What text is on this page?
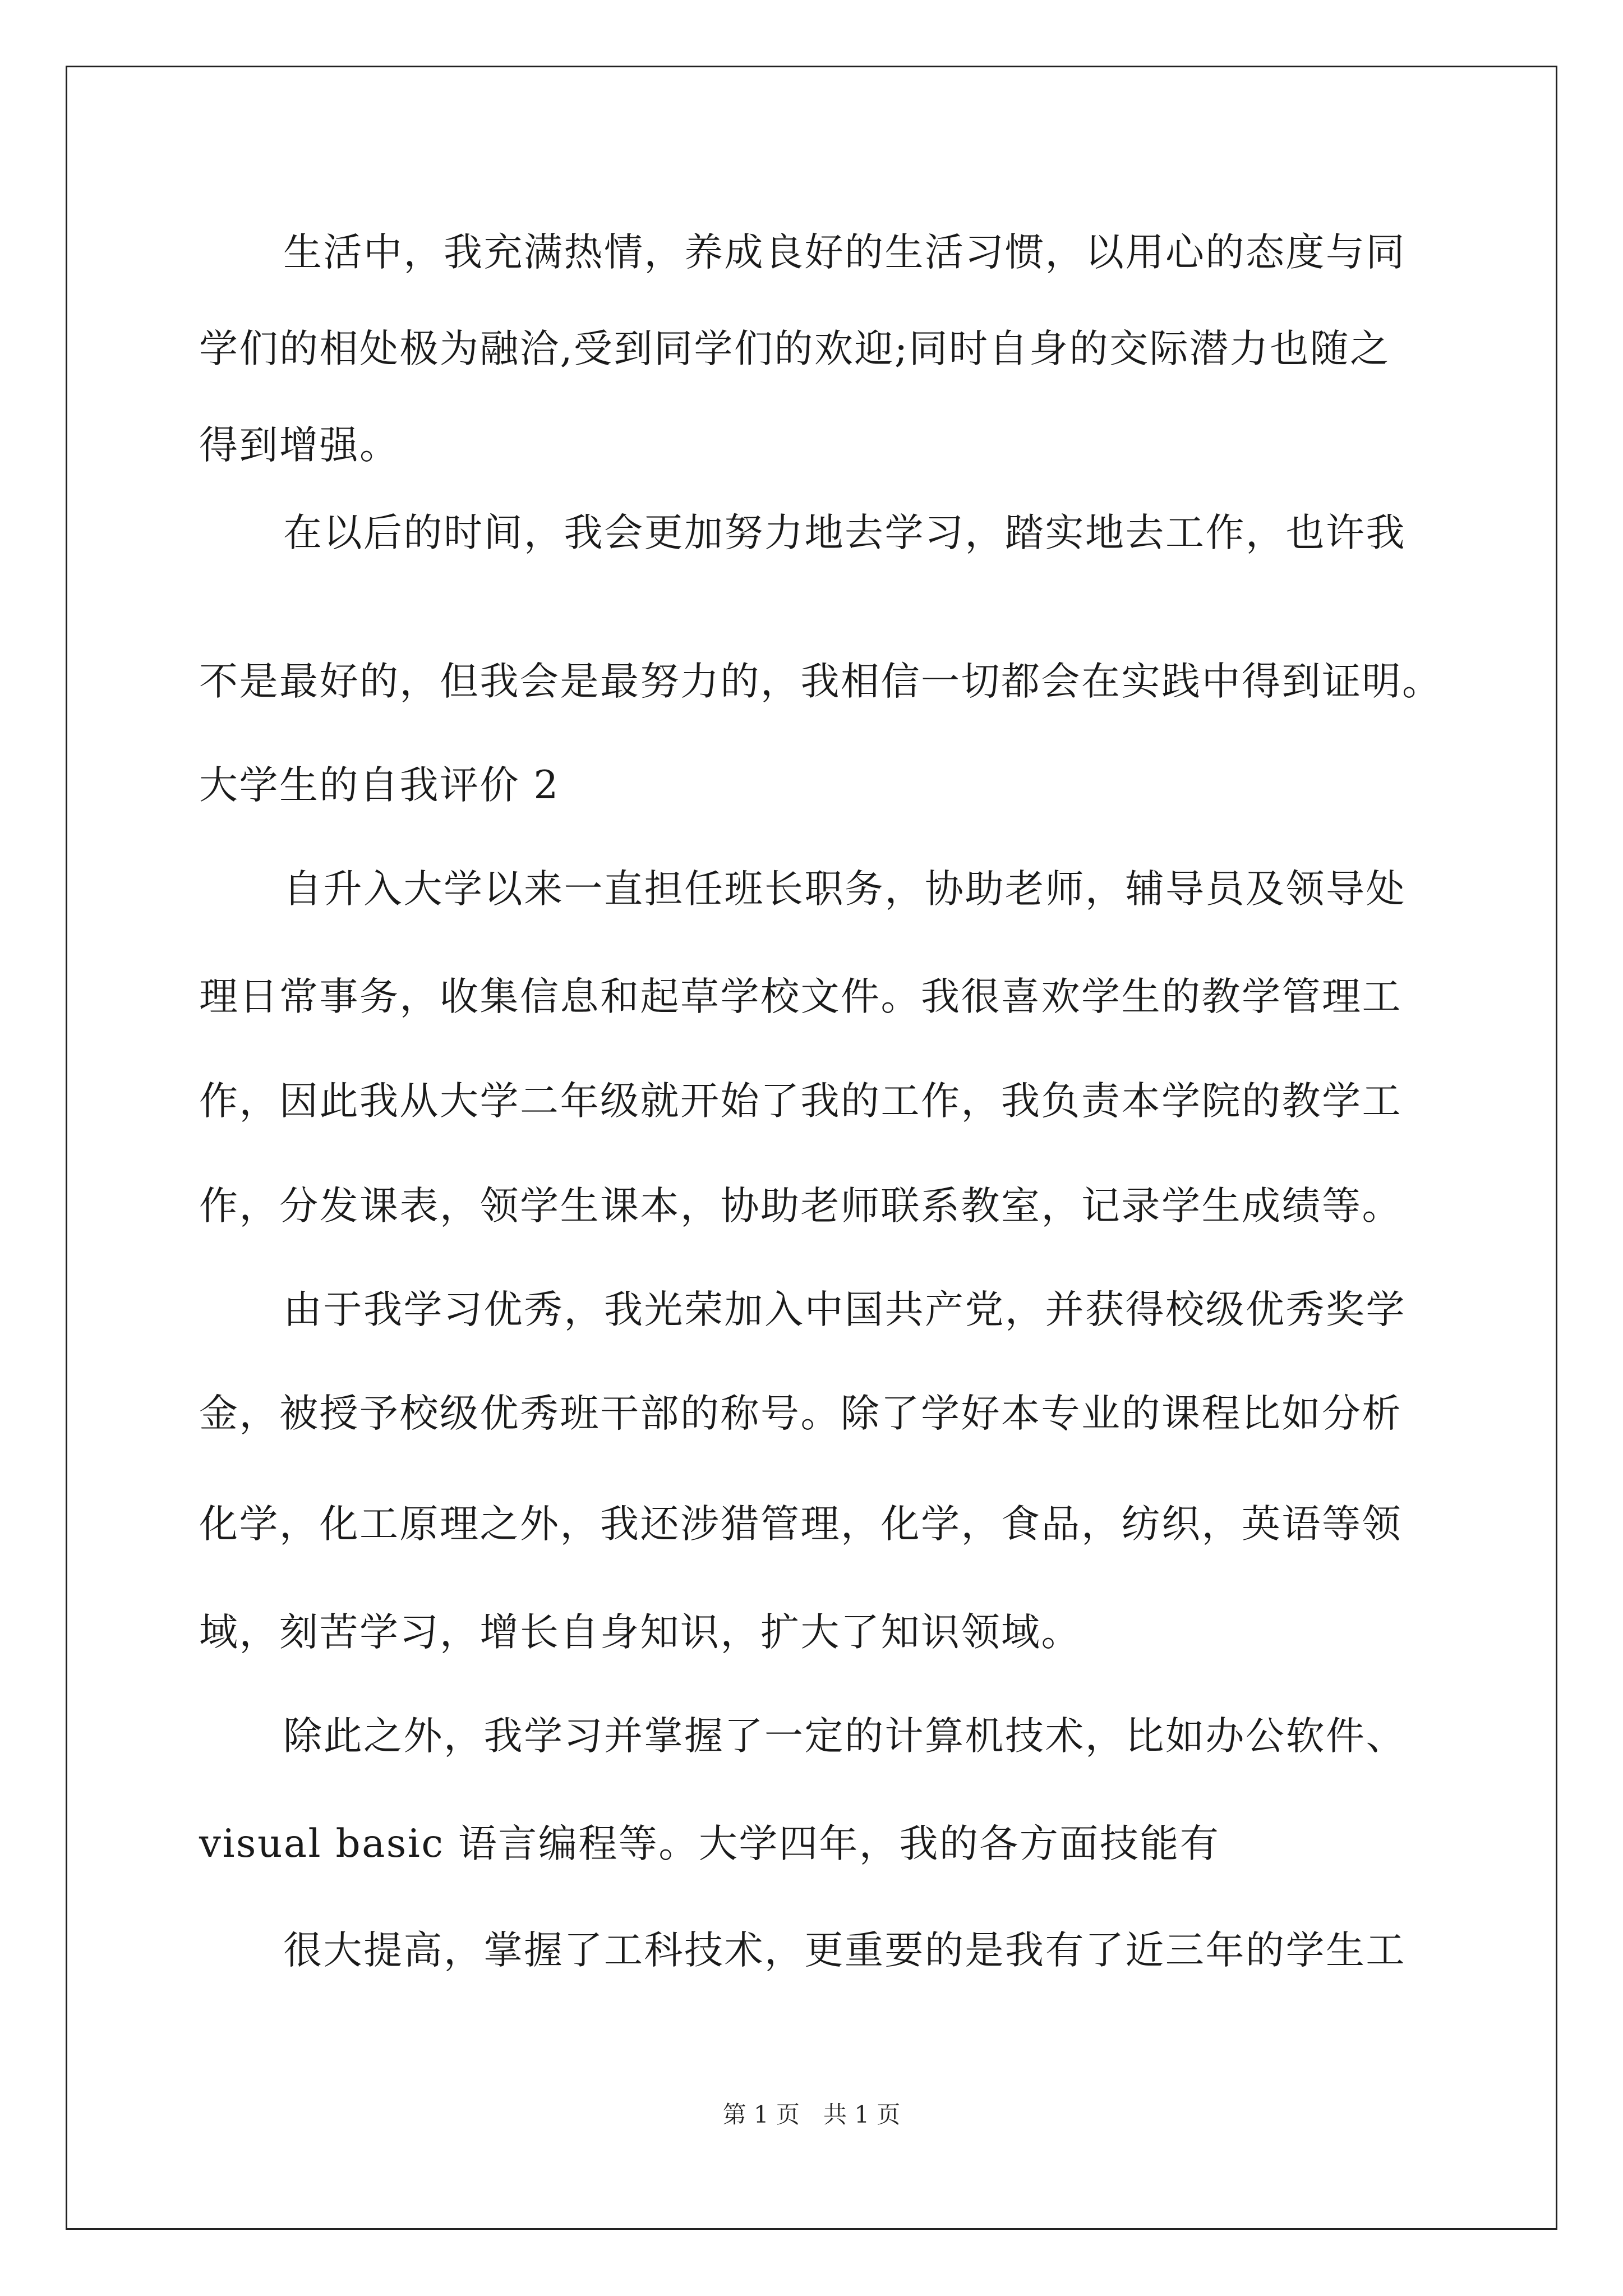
生活中，我充满热情，养成良好的生活习惯，以用心的态度与同
学们的相处极为融洽,受到同学们的欢迎;同时自身的交际潜力也随之
得到增强。
在以后的时间，我会更加努力地去学习，踏实地去工作，也许我
不是最好的，但我会是最努力的，我相信一切都会在实践中得到证明。
大学生的自我评价 2
自升入大学以来一直担任班长职务，协助老师，辅导员及领导处
理日常事务，收集信息和起草学校文件。我很喜欢学生的教学管理工
作，因此我从大学二年级就开始了我的工作，我负责本学院的教学工
作，分发课表，领学生课本，协助老师联系教室，记录学生成绩等。
由于我学习优秀，我光荣加入中国共产党，并获得校级优秀奖学
金，被授予校级优秀班干部的称号。除了学好本专业的课程比如分析
化学，化工原理之外，我还涉猎管理，化学，食品，纺织，英语等领
域，刻苦学习，增长自身知识，扩大了知识领域。
除此之外，我学习并掌握了一定的计算机技术，比如办公软件、
visual basic 语言编程等。大学四年，我的各方面技能有
很大提高，掌握了工科技术，更重要的是我有了近三年的学生工
第 1 页　共 1 页
